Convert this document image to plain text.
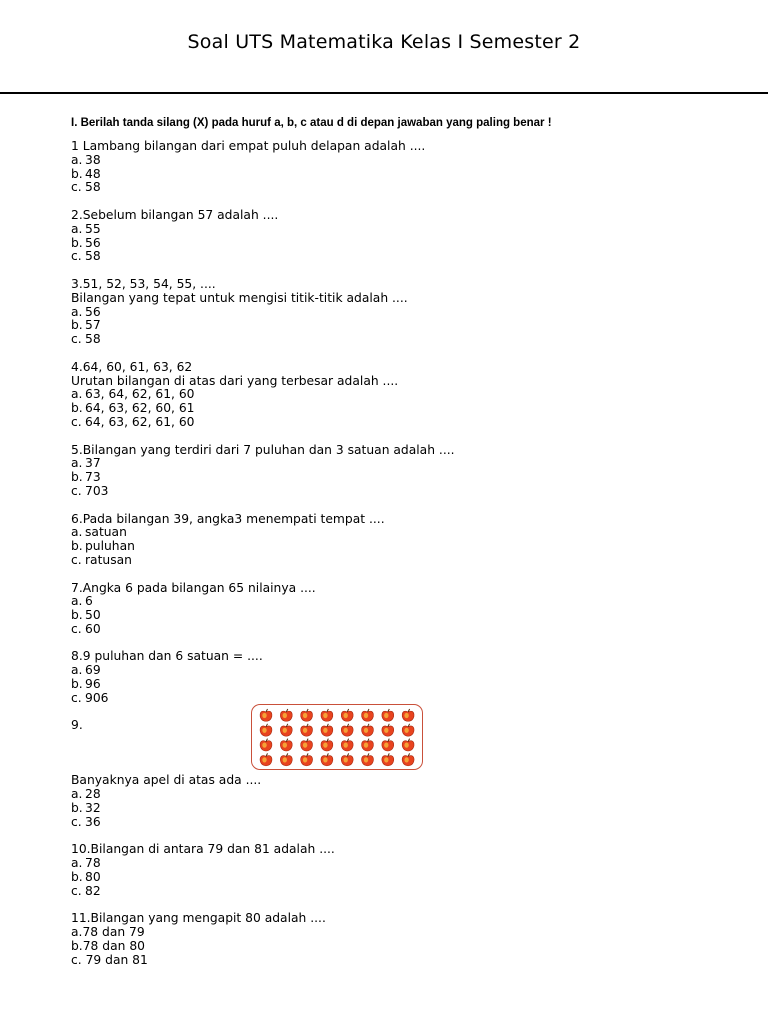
Soal UTS Matematika Kelas I Semester 2
I. Berilah tanda silang (X) pada huruf a, b, c atau d di depan jawaban yang paling benar !
1 Lambang bilangan dari empat puluh delapan adalah ....
a. 38
b. 48
c. 58
2.Sebelum bilangan 57 adalah ....
a. 55
b. 56
c. 58
3.51, 52, 53, 54, 55, ....
Bilangan yang tepat untuk mengisi titik-titik adalah ....
a. 56
b. 57
c. 58
4.64, 60, 61, 63, 62
Urutan bilangan di atas dari yang terbesar adalah ....
a. 63, 64, 62, 61, 60
b. 64, 63, 62, 60, 61
c. 64, 63, 62, 61, 60
5.Bilangan yang terdiri dari 7 puluhan dan 3 satuan adalah ....
a. 37
b. 73
c. 703
6.Pada bilangan 39, angka3 menempati tempat ....
a. satuan
b. puluhan
c. ratusan
7.Angka 6 pada bilangan 65 nilainya ....
a. 6
b. 50
c. 60
8.9 puluhan dan 6 satuan = ....
a. 69
b. 96
c. 906
9.
Banyaknya apel di atas ada ....
a. 28
b. 32
c. 36
10.Bilangan di antara 79 dan 81 adalah ....
a. 78
b. 80
c. 82
11.Bilangan yang mengapit 80 adalah ....
a.78 dan 79
b.78 dan 80
c. 79 dan 81
